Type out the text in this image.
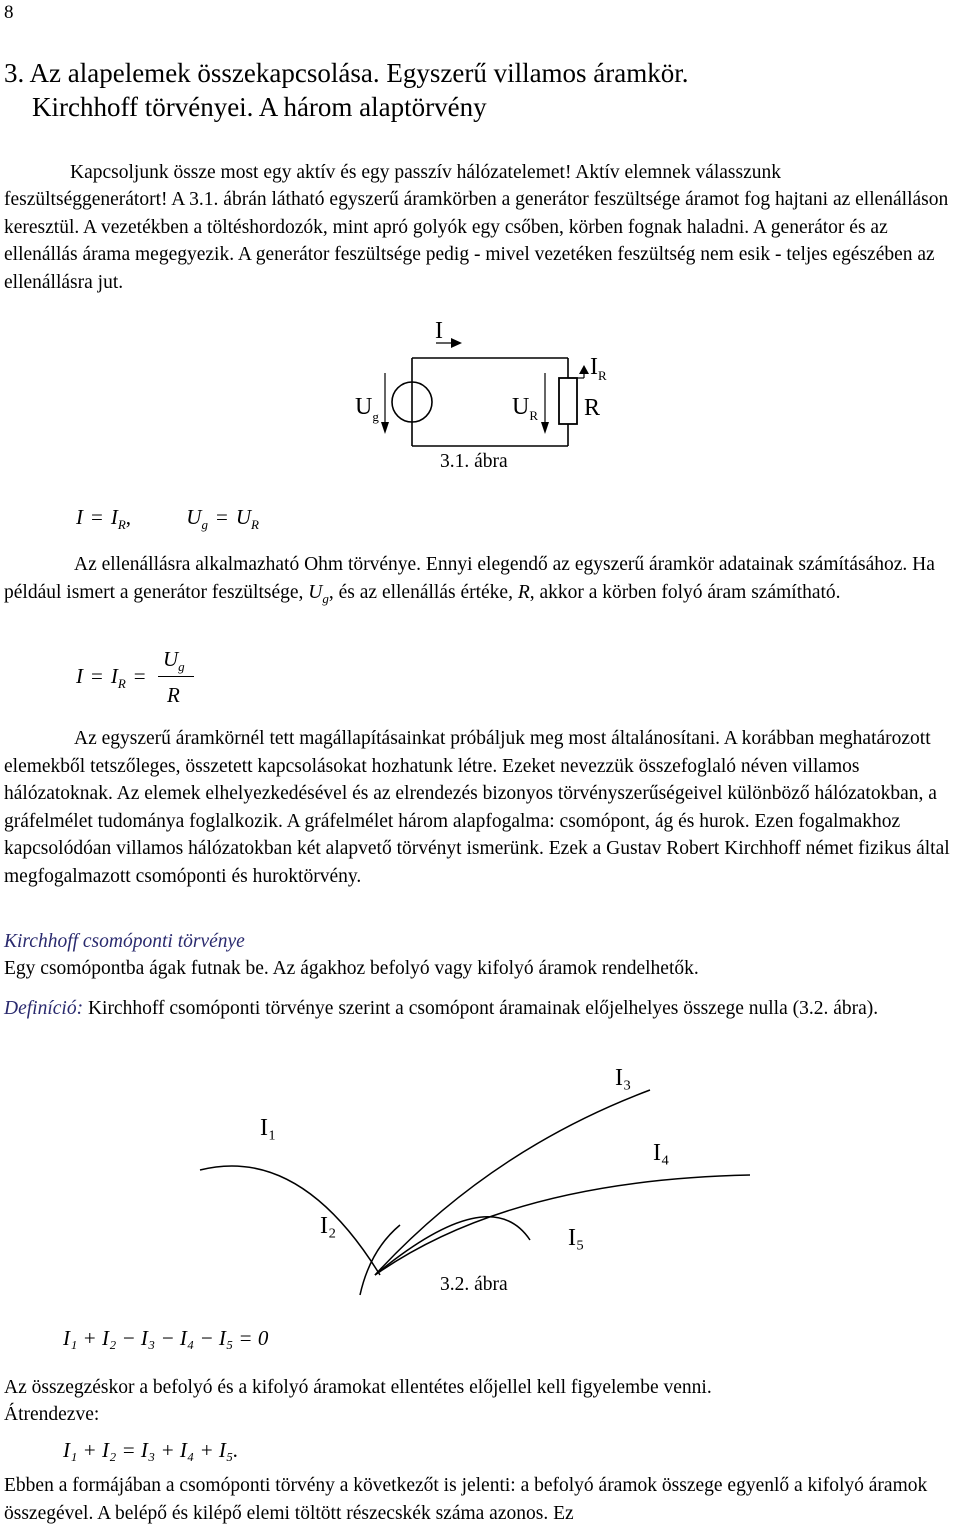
8
3. Az alapelemek összekapcsolása. Egyszerű villamos áramkör.
Kirchhoff törvényei. A három alaptörvény

Kapcsoljunk össze most egy aktív és egy passzív hálózatelemet! Aktív elemnek válasszunk

feszültséggenerátort! A 3.1. ábrán látható egyszerű áramkörben a generátor feszültsége áramot fog hajtani az ellenálláson keresztül. A vezetékben a töltéshordozók, mint apró golyók egy csőben, körben fognak haladni. A generátor és az ellenállás árama megegyezik. A generátor feszültsége pedig - mivel vezetéken feszültség nem esik - teljes egészében az ellenállásra jut.

I
$I_R$
$U_g$	$U_R$ R
3.1. ábra
$I = I_R$,	$U_g = U_R$

Az ellenállásra alkalmazható Ohm törvénye. Ennyi elegendő az egyszerű áramkör adatainak számításához. Ha például ismert a generátor feszültsége, $U_g$, és az ellenállás értéke, R, akkor a körben folyó áram számítható.

$I = I_R$ =
$U_g$
R

Az egyszerű áramkörnél tett magállapításainkat próbáljuk meg most általánosítani. A korábban meghatározott elemekből tetszőleges, összetett kapcsolásokat hozhatunk létre. Ezeket nevezzük összefoglaló néven villamos hálózatoknak. Az elemek elhelyezkedésével és az elrendezés bizonyos törvényszerűségeivel különböző hálózatokban, a gráfelmélet tudománya foglalkozik. A gráfelmélet három alapfogalma: csomópont, ág és hurok. Ezen fogalmakhoz kapcsolódóan villamos hálózatokban két alapvető törvényt ismerünk. Ezek a Gustav Robert Kirchhoff német fizikus által megfogalmazott csomóponti és huroktörvény.

Kirchhoff csomóponti törvénye

Egy csomópontba ágak futnak be. Az ágakhoz befolyó vagy kifolyó áramok rendelhetők.

Definíció: Kirchhoff csomóponti törvénye szerint a csomópont áramainak előjelhelyes összege nulla (3.2. ábra).

I₁
I₂
I₃
I₄
I₅
3.2. ábra
I₁ + I₂ − I₃ − I₄ − I₅ = 0

Az összegzéskor a befolyó és a kifolyó áramokat ellentétes előjellel kell figyelembe venni.

Átrendezve:

I₁ + I₂ = I₃ + I₄ + I₅.

Ebben a formájában a csomóponti törvény a következőt is jelenti: a befolyó áramok összege egyenlő a kifolyó áramok összegével. A belépő és kilépő elemi töltött részecskék száma azonos. Ez
